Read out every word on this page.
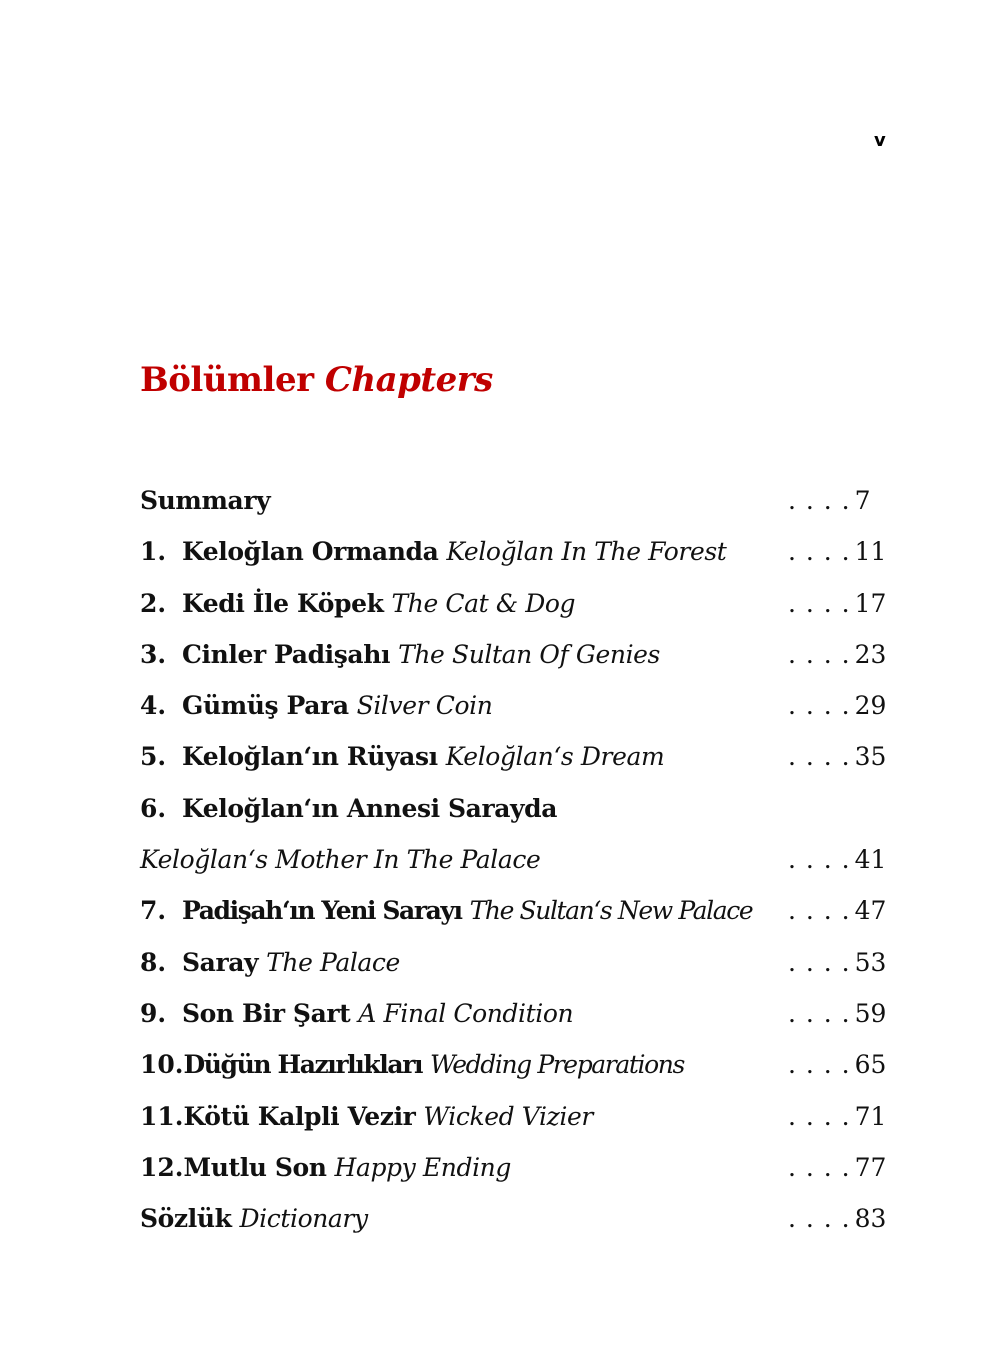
v
Bölümler Chapters
Summary	. . . . 7
1. Keloğlan Ormanda Keloğlan In The Forest . . . . 11
2. Kedi İle Köpek The Cat & Dog	. . . . 17
3. Cinler Padişahı The Sultan Of Genies	. . . . 23
4. Gümüş Para Silver Coin	. . . . 29
5. Keloğlan‘ın Rüyası Keloğlan‘s Dream	. . . . 35
6. Keloğlan‘ın Annesi Sarayda
Keloğlan‘s Mother In The Palace	. . . . 41
7. Padişah‘ın Yeni Sarayı The Sultan‘s New Palace . . . . 47
8. Saray The Palace	. . . . 53
9. Son Bir Şart A Final Condition	. . . . 59
10.Düğün Hazırlıkları Wedding Preparations	. . . . 65
11.Kötü Kalpli Vezir Wicked Vizier	. . . . 71
12.Mutlu Son Happy Ending	. . . . 77
Sözlük Dictionary	. . . . 83
